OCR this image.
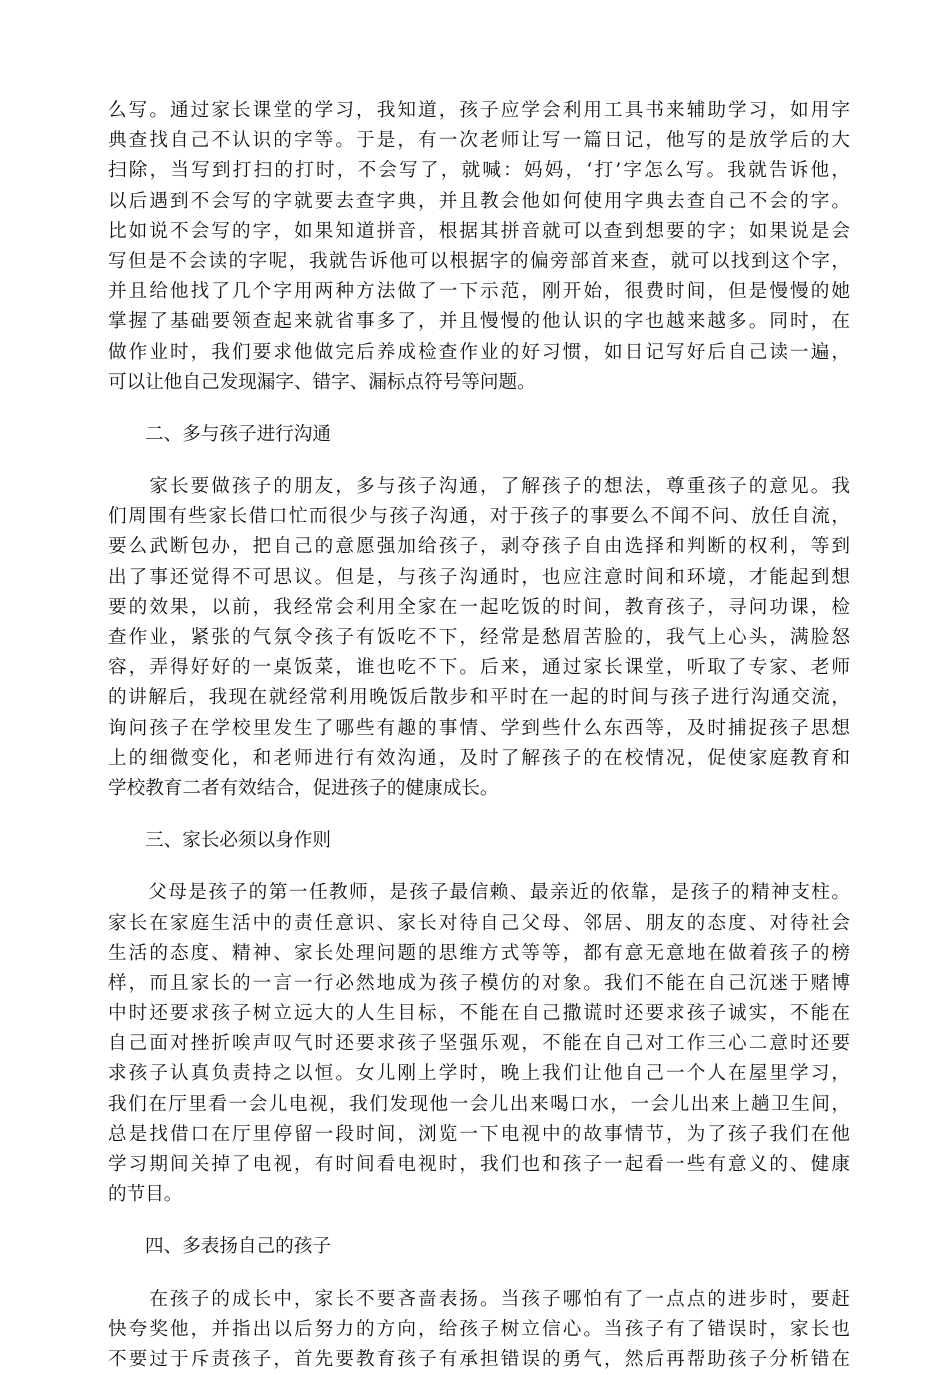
么写。通过家长课堂的学习，我知道，孩子应学会利用工具书来辅助学习，如用字
典查找自己不认识的字等。于是，有一次老师让写一篇日记，他写的是放学后的大
扫除，当写到打扫的打时，不会写了，就喊：妈妈，‘打’字怎么写。我就告诉他，
以后遇到不会写的字就要去查字典，并且教会他如何使用字典去查自己不会的字。
比如说不会写的字，如果知道拼音，根据其拼音就可以查到想要的字；如果说是会
写但是不会读的字呢，我就告诉他可以根据字的偏旁部首来查，就可以找到这个字，
并且给他找了几个字用两种方法做了一下示范，刚开始，很费时间，但是慢慢的她
掌握了基础要领查起来就省事多了，并且慢慢的他认识的字也越来越多。同时，在
做作业时，我们要求他做完后养成检查作业的好习惯，如日记写好后自己读一遍，
可以让他自己发现漏字、错字、漏标点符号等问题。
二、多与孩子进行沟通
　　家长要做孩子的朋友，多与孩子沟通，了解孩子的想法，尊重孩子的意见。我
们周围有些家长借口忙而很少与孩子沟通，对于孩子的事要么不闻不问、放任自流，
要么武断包办，把自己的意愿强加给孩子，剥夺孩子自由选择和判断的权利，等到
出了事还觉得不可思议。但是，与孩子沟通时，也应注意时间和环境，才能起到想
要的效果，以前，我经常会利用全家在一起吃饭的时间，教育孩子，寻问功课，检
查作业，紧张的气氛令孩子有饭吃不下，经常是愁眉苦脸的，我气上心头，满脸怒
容，弄得好好的一桌饭菜，谁也吃不下。后来，通过家长课堂，听取了专家、老师
的讲解后，我现在就经常利用晚饭后散步和平时在一起的时间与孩子进行沟通交流，
询问孩子在学校里发生了哪些有趣的事情、学到些什么东西等，及时捕捉孩子思想
上的细微变化，和老师进行有效沟通，及时了解孩子的在校情况，促使家庭教育和
学校教育二者有效结合，促进孩子的健康成长。
三、家长必须以身作则
　　父母是孩子的第一任教师，是孩子最信赖、最亲近的依靠，是孩子的精神支柱。
家长在家庭生活中的责任意识、家长对待自己父母、邻居、朋友的态度、对待社会
生活的态度、精神、家长处理问题的思维方式等等，都有意无意地在做着孩子的榜
样，而且家长的一言一行必然地成为孩子模仿的对象。我们不能在自己沉迷于赌博
中时还要求孩子树立远大的人生目标，不能在自己撒谎时还要求孩子诚实，不能在
自己面对挫折唉声叹气时还要求孩子坚强乐观，不能在自己对工作三心二意时还要
求孩子认真负责持之以恒。女儿刚上学时，晚上我们让他自己一个人在屋里学习，
我们在厅里看一会儿电视，我们发现他一会儿出来喝口水，一会儿出来上趟卫生间，
总是找借口在厅里停留一段时间，浏览一下电视中的故事情节，为了孩子我们在他
学习期间关掉了电视，有时间看电视时，我们也和孩子一起看一些有意义的、健康
的节目。
四、多表扬自己的孩子
　　在孩子的成长中，家长不要吝啬表扬。当孩子哪怕有了一点点的进步时，要赶
快夸奖他，并指出以后努力的方向，给孩子树立信心。当孩子有了错误时，家长也
不要过于斥责孩子，首先要教育孩子有承担错误的勇气，然后再帮助孩子分析错在
